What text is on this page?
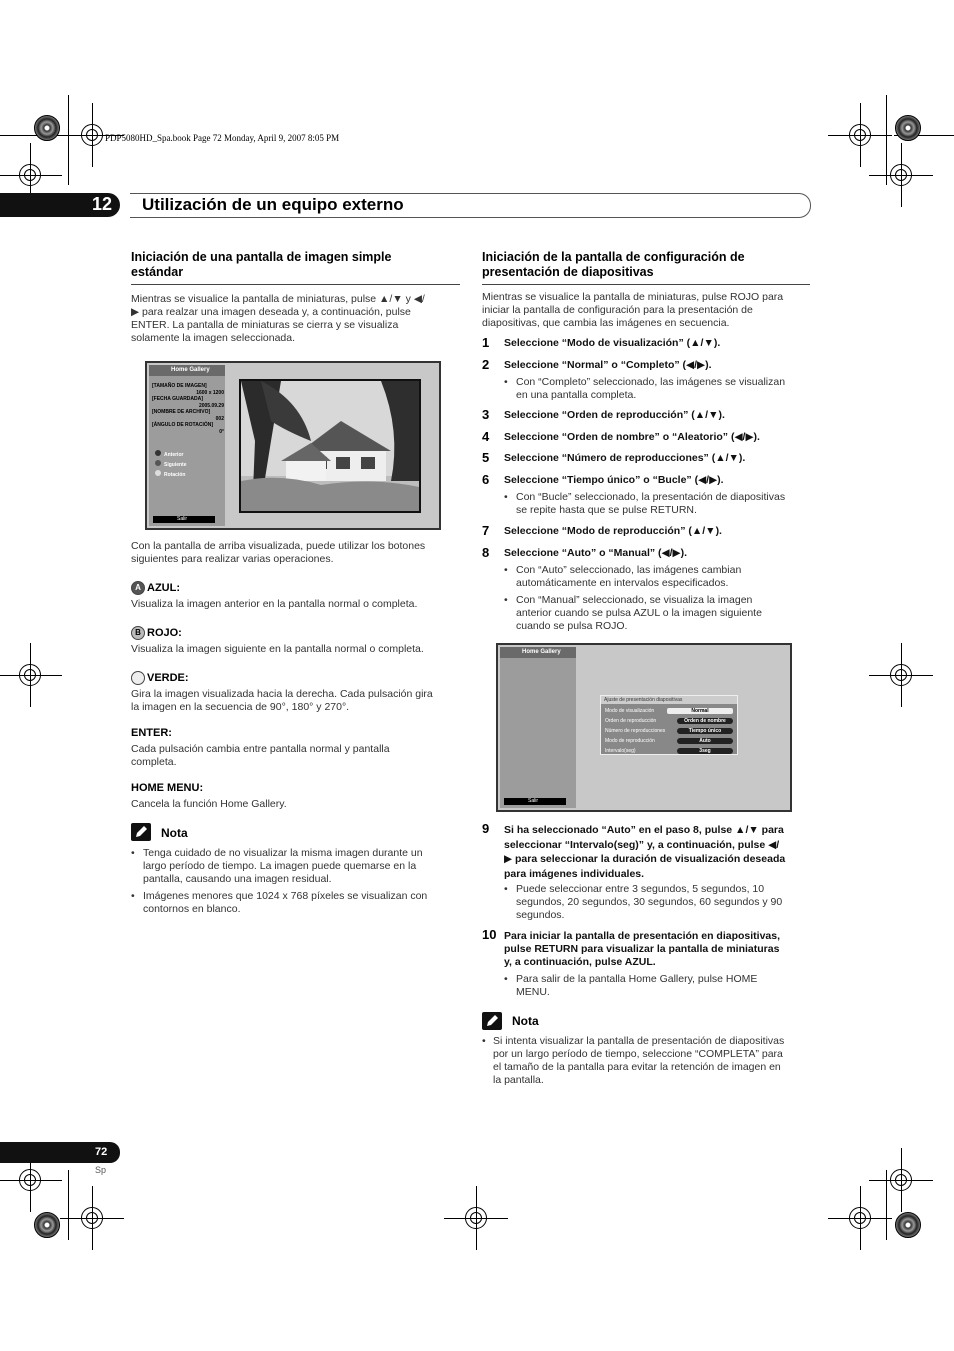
PDP5080HD_Spa.book Page 72 Monday, April 9, 2007 8:05 PM
12 Utilización de un equipo externo
Iniciación de una pantalla de imagen simple
estándar
Mientras se visualice la pantalla de miniaturas, pulse ▲/▼ y ◀/
▶ para realzar una imagen deseada y, a continuación, pulse
ENTER. La pantalla de miniaturas se cierra y se visualiza
solamente la imagen seleccionada.
Home Gallery
[TAMAÑO DE IMAGEN]
1600 x 1200
[FECHA GUARDADA]
2005.09.29
[NOMBRE DE ARCHIVO]
002
[ÁNGULO DE ROTACIÓN]
0°
Anterior
Siguiente
Rotación
Salir
Con la pantalla de arriba visualizada, puede utilizar los botones
siguientes para realizar varias operaciones.
A AZUL:
Visualiza la imagen anterior en la pantalla normal o completa.
B ROJO:
Visualiza la imagen siguiente en la pantalla normal o completa.
VERDE:
Gira la imagen visualizada hacia la derecha. Cada pulsación gira
la imagen en la secuencia de 90°, 180° y 270°.
ENTER:
Cada pulsación cambia entre pantalla normal y pantalla
completa.
HOME MENU:
Cancela la función Home Gallery.
Nota
• Tenga cuidado de no visualizar la misma imagen durante un
largo período de tiempo. La imagen puede quemarse en la
pantalla, causando una imagen residual.
• Imágenes menores que 1024 x 768 píxeles se visualizan con
contornos en blanco.
Iniciación de la pantalla de configuración de
presentación de diapositivas
Mientras se visualice la pantalla de miniaturas, pulse ROJO para
iniciar la pantalla de configuración para la presentación de
diapositivas, que cambia las imágenes en secuencia.
1 Seleccione “Modo de visualización” (▲/▼).
2 Seleccione “Normal” o “Completo” (◀/▶).
• Con “Completo” seleccionado, las imágenes se visualizan
en una pantalla completa.
3 Seleccione “Orden de reproducción” (▲/▼).
4 Seleccione “Orden de nombre” o “Aleatorio” (◀/▶).
5 Seleccione “Número de reproducciones” (▲/▼).
6 Seleccione “Tiempo único” o “Bucle” (◀/▶).
• Con “Bucle” seleccionado, la presentación de diapositivas
se repite hasta que se pulse RETURN.
7 Seleccione “Modo de reproducción” (▲/▼).
8 Seleccione “Auto” o “Manual” (◀/▶).
• Con “Auto” seleccionado, las imágenes cambian
automáticamente en intervalos especificados.
• Con “Manual” seleccionado, se visualiza la imagen
anterior cuando se pulsa AZUL o la imagen siguiente
cuando se pulsa ROJO.
Home Gallery
Salir
Ajuste de presentación diapositivas
Modo de visualización	Normal
Orden de reproducción	Orden de nombre
Número de reproducciones	Tiempo único
Modo de reproducción	Auto
Intervalo(seg)	3seg
9 Si ha seleccionado “Auto” en el paso 8, pulse ▲/▼ para
seleccionar “Intervalo(seg)” y, a continuación, pulse ◀/
▶ para seleccionar la duración de visualización deseada
para imágenes individuales.
• Puede seleccionar entre 3 segundos, 5 segundos, 10
segundos, 20 segundos, 30 segundos, 60 segundos y 90
segundos.
10 Para iniciar la pantalla de presentación en diapositivas,
pulse RETURN para visualizar la pantalla de miniaturas
y, a continuación, pulse AZUL.
• Para salir de la pantalla Home Gallery, pulse HOME
MENU.
Nota
• Si intenta visualizar la pantalla de presentación de diapositivas
por un largo período de tiempo, seleccione “COMPLETA” para
el tamaño de la pantalla para evitar la retención de imagen en
la pantalla.
72
Sp
